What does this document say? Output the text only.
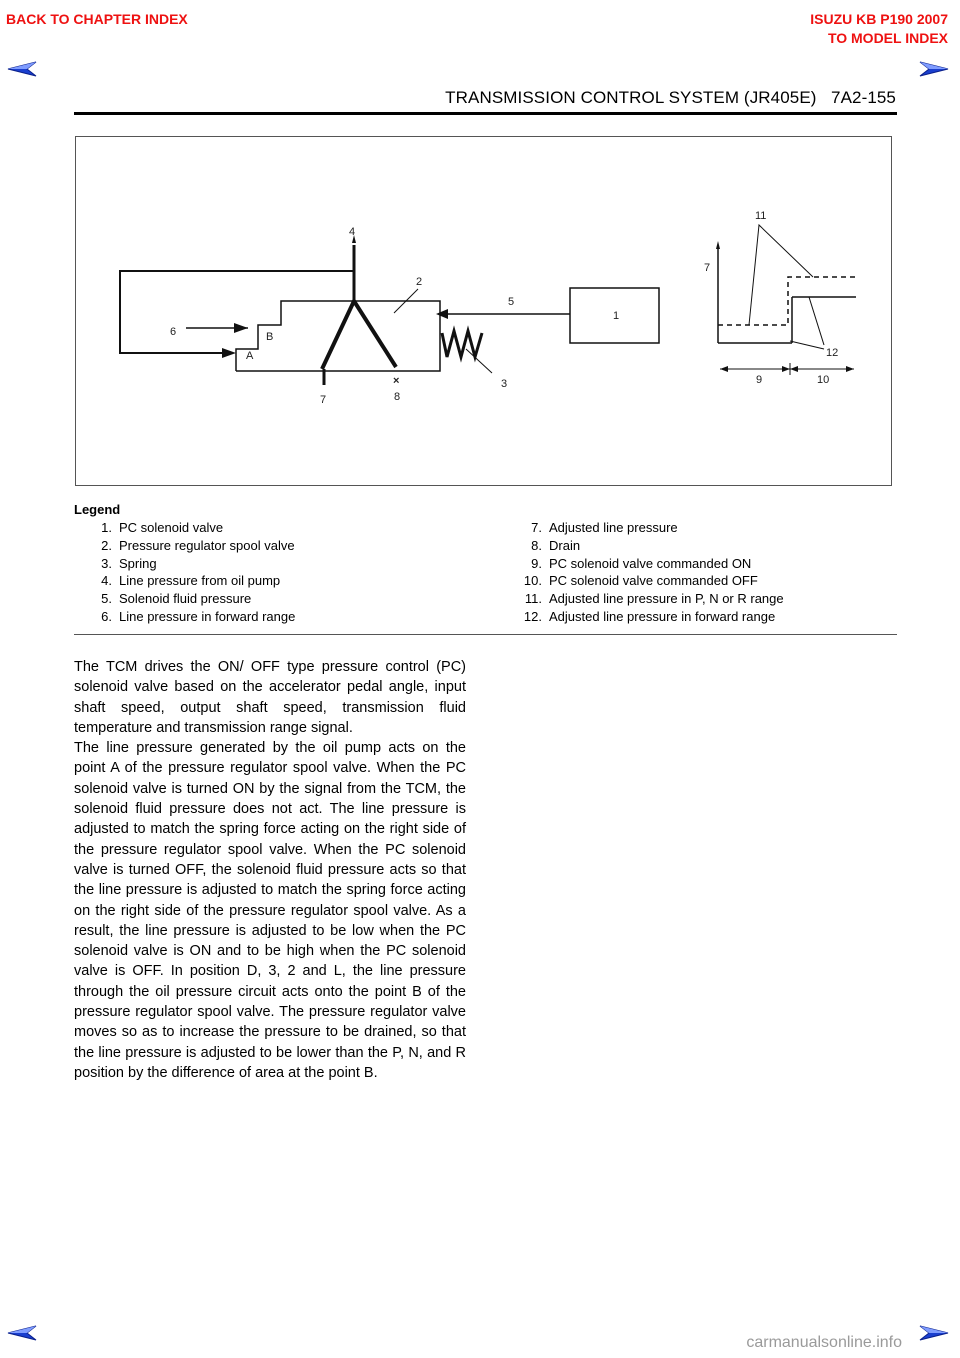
BACK TO CHAPTER INDEX	ISUZU KB P190 2007
TO MODEL INDEX
TRANSMISSION CONTROL SYSTEM (JR405E) 7A2-155
1
2
3
4
5
6
7
7
8
×	9	10
11
12
A
B
Legend
1. PC solenoid valve
2. Pressure regulator spool valve
3. Spring
4. Line pressure from oil pump
5. Solenoid fluid pressure
6. Line pressure in forward range
7. Adjusted line pressure
8. Drain
9. PC solenoid valve commanded ON
10. PC solenoid valve commanded OFF
11. Adjusted line pressure in P, N or R range
12. Adjusted line pressure in forward range

The TCM drives the ON/ OFF type pressure control (PC) solenoid valve based on the accelerator pedal angle, input shaft speed, output shaft speed, transmission fluid temperature and transmission range signal.

The line pressure generated by the oil pump acts on the point A of the pressure regulator spool valve. When the PC solenoid valve is turned ON by the signal from the TCM, the solenoid fluid pressure does not act. The line pressure is adjusted to match the spring force acting on the right side of the pressure regulator spool valve. When the PC solenoid valve is turned OFF, the solenoid fluid pressure acts so that the line pressure is adjusted to match the spring force acting on the right side of the pressure regulator spool valve. As a result, the line pressure is adjusted to be low when the PC solenoid valve is ON and to be high when the PC solenoid valve is OFF. In position D, 3, 2 and L, the line pressure through the oil pressure circuit acts onto the point B of the pressure regulator spool valve. The pressure regulator valve moves so as to increase the pressure to be drained, so that the line pressure is adjusted to be lower than the P, N, and R position by the difference of area at the point B.

carmanualsonline.info
